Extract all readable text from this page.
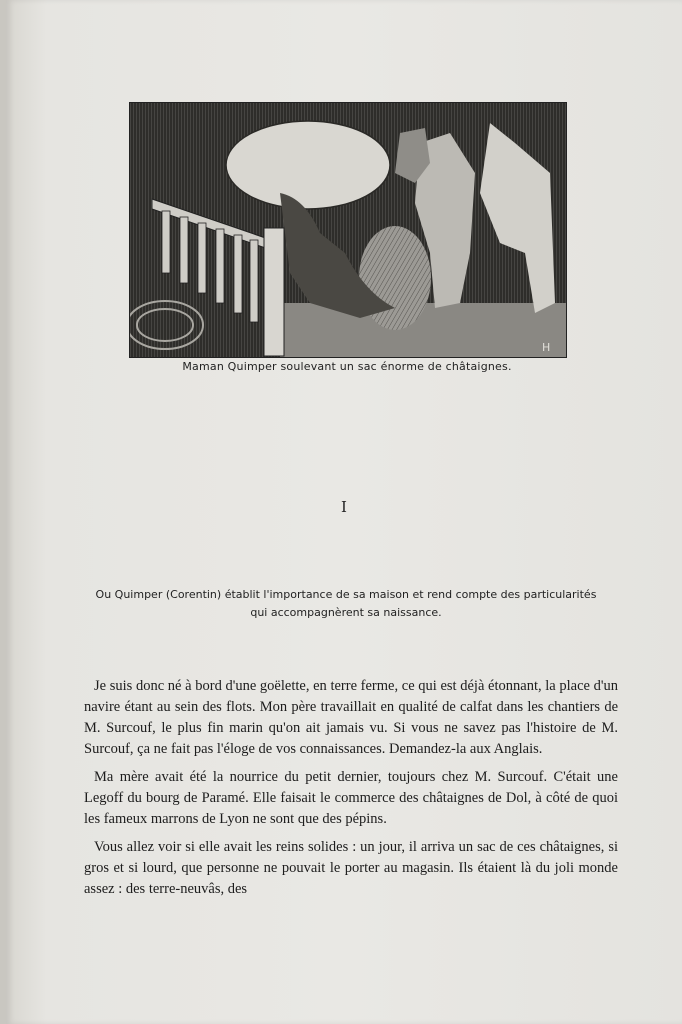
H
Maman Quimper soulevant un sac énorme de châtaignes.
I
Ou Quimper (Corentin) établit l'importance de sa maison et rend compte des particularités
qui accompagnèrent sa naissance.

Je suis donc né à bord d'une goëlette, en terre ferme, ce qui est déjà étonnant, la place d'un navire étant au sein des flots. Mon père travaillait en qualité de calfat dans les chantiers de M. Surcouf, le plus fin marin qu'on ait jamais vu. Si vous ne savez pas l'histoire de M. Surcouf, ça ne fait pas l'éloge de vos connaissances. Demandez-la aux Anglais.

Ma mère avait été la nourrice du petit dernier, toujours chez M. Surcouf. C'était une Legoff du bourg de Paramé. Elle faisait le commerce des châtaignes de Dol, à côté de quoi les fameux marrons de Lyon ne sont que des pépins.

Vous allez voir si elle avait les reins solides : un jour, il arriva un sac de ces châtaignes, si gros et si lourd, que personne ne pouvait le porter au magasin. Ils étaient là du joli monde assez : des terre-neuvâs, des
